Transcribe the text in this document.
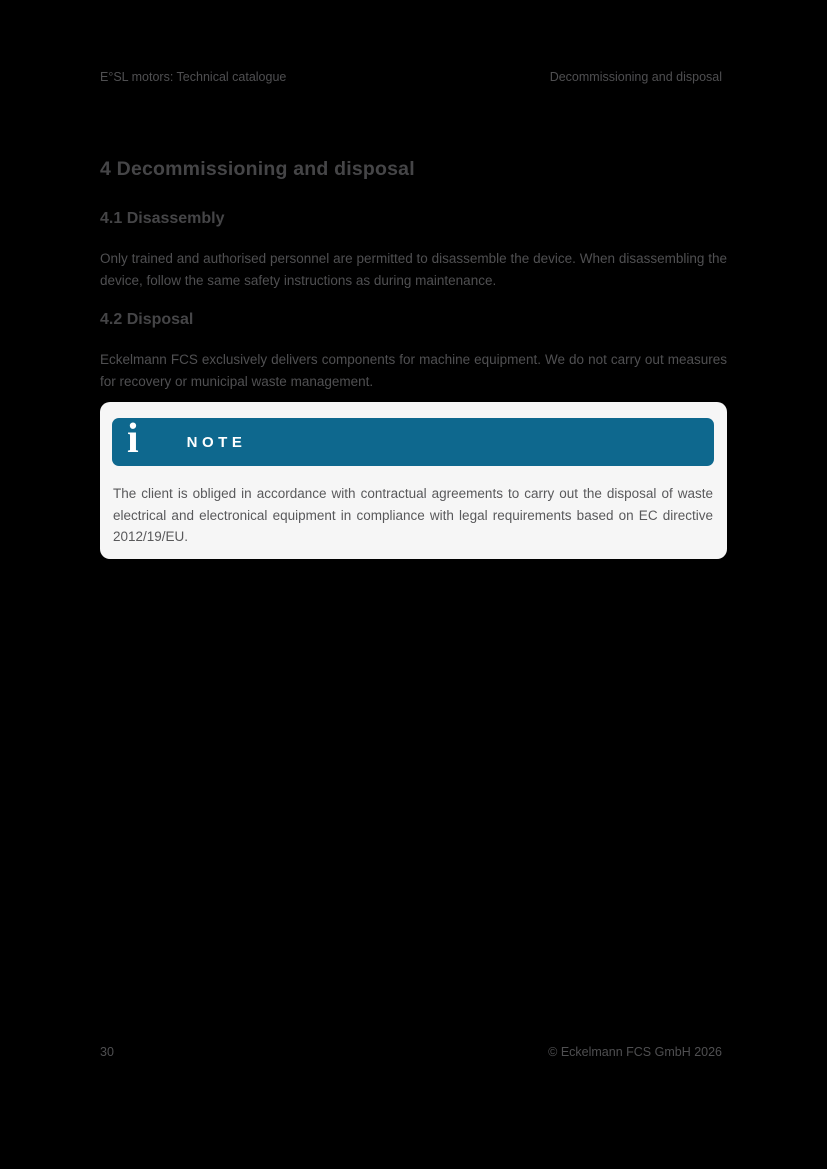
E°SL motors: Technical catalogue	Decommissioning and disposal
4 Decommissioning and disposal
4.1 Disassembly
Only trained and authorised personnel are permitted to disassemble the device. When disassembling the device, follow the same safety instructions as during maintenance.
4.2 Disposal
Eckelmann FCS exclusively delivers components for machine equipment. We do not carry out measures for recovery or municipal waste management.
i	NOTE
The client is obliged in accordance with contractual agreements to carry out the disposal of waste electrical and electronical equipment in compliance with legal requirements based on EC directive 2012/19/EU.
30	© Eckelmann FCS GmbH 2026
